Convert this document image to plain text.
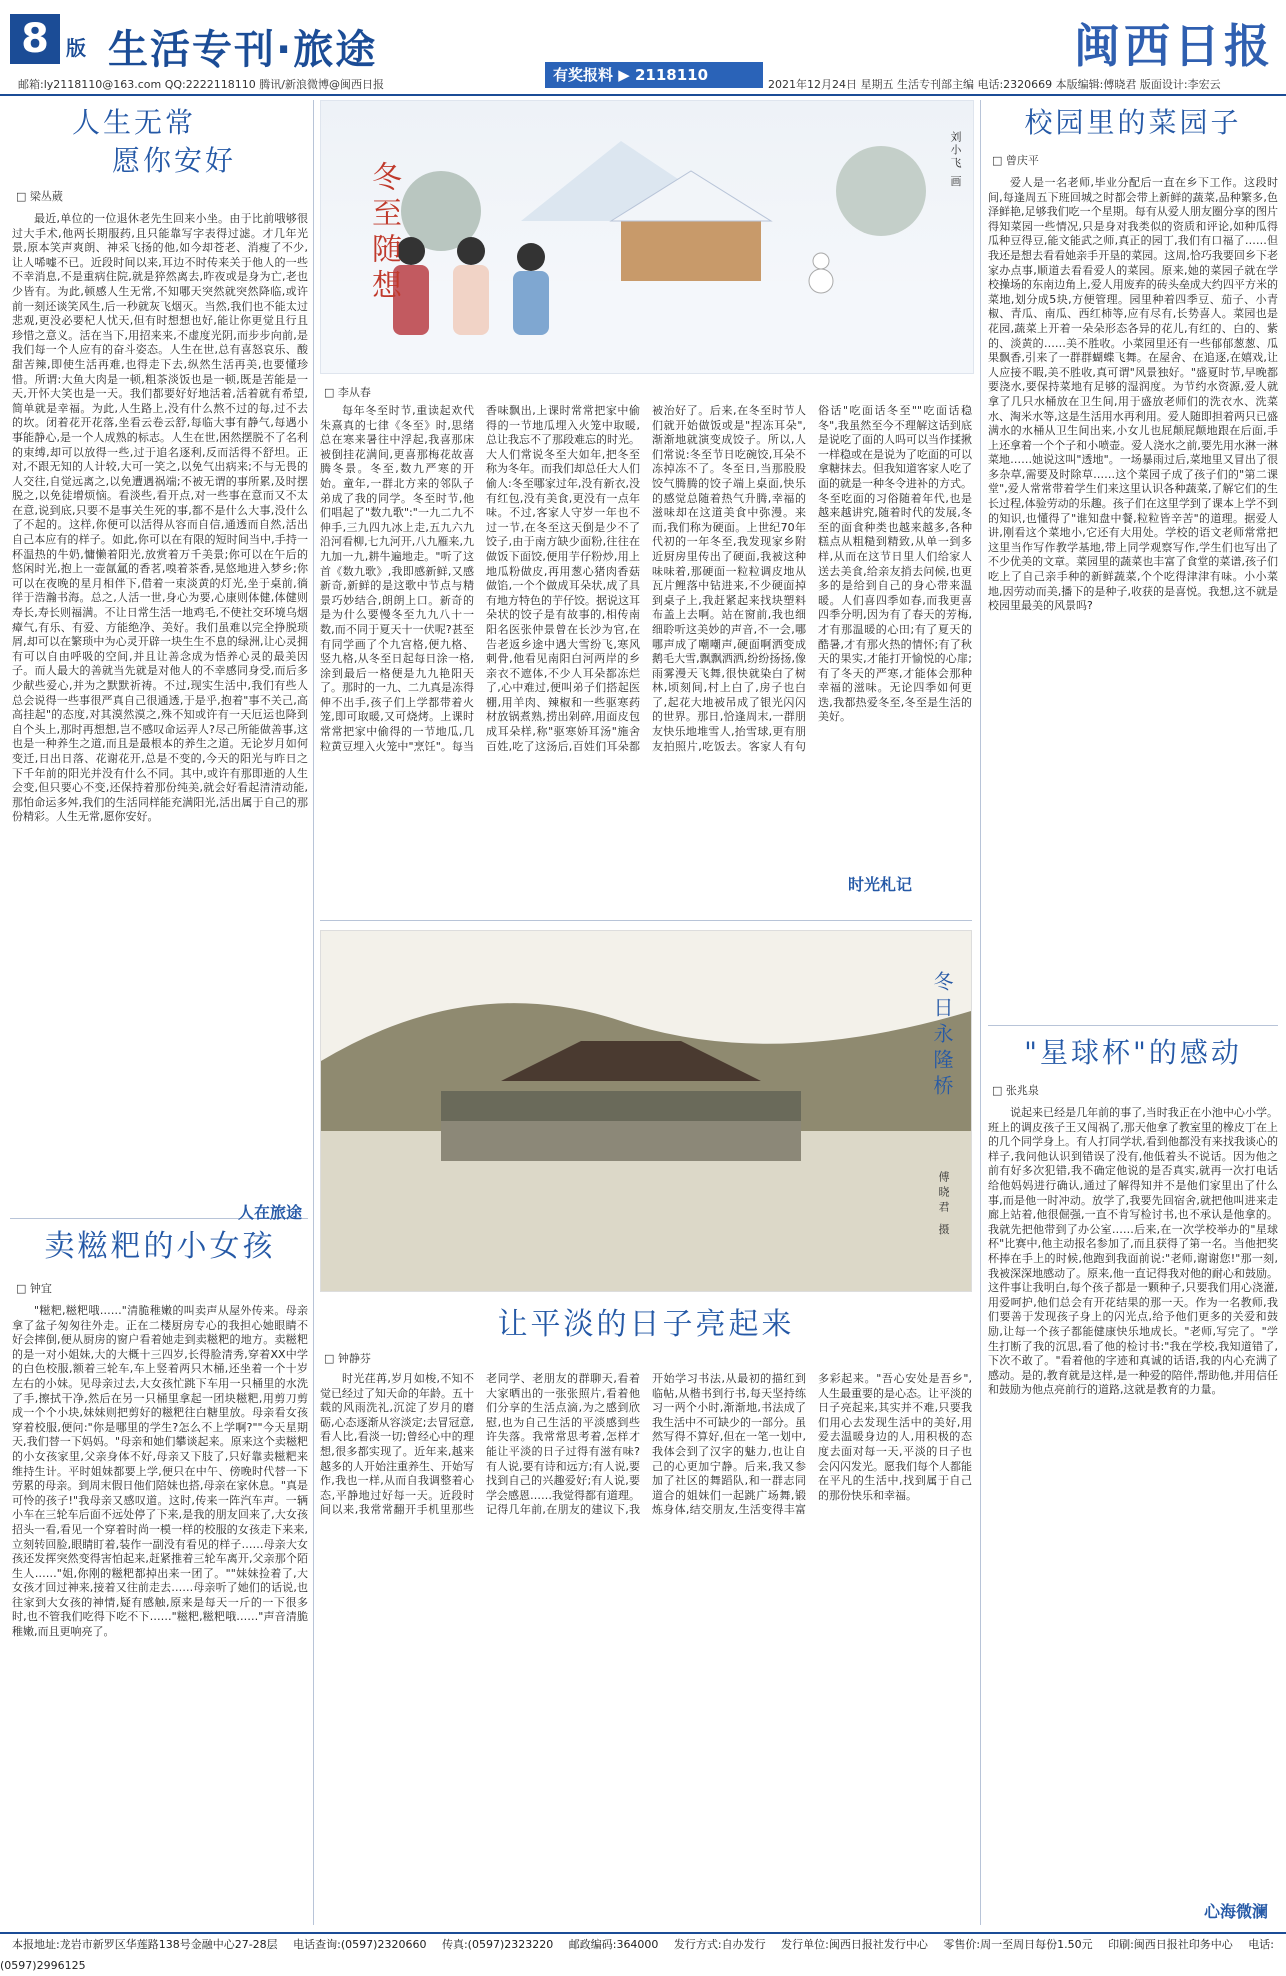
8 版 生活专刊·旅途	闽西日报
邮箱:ly2118110@163.com QQ:2222118110 腾讯/新浪微博@闽西日报	2021年12月24日 星期五 生活专刊部主编 电话:2320669 本版编辑:傅晓君 版面设计:李宏云
有奖报料 ▶ 2118110
人生无常
愿你安好
□ 梁丛葳

最近,单位的一位退休老先生回来小坐。由于比前哦够很过大手术,他两长期服药,且只能靠写字表得过滤。才几年光景,原本笑声爽朗、神采飞扬的他,如今却苍老、消瘦了不少,让人唏嘘不已。近段时间以来,耳边不时传来关于他人的一些不幸消息,不是重病住院,就是猝然离去,昨夜或是身为亡,老也少皆有。为此,顿感人生无常,不知哪天突然就突然降临,或许前一刻还谈笑风生,后一秒就灰飞烟灭。当然,我们也不能太过悲观,更没必要杞人忧天,但有时想想也好,能让你更觉且行且珍惜之意义。活在当下,用招来来,不虚度光阴,而步步向前,是我们每一个人应有的奋斗姿态。人生在世,总有喜怒哀乐、酸甜苦辣,即使生活再难,也得走下去,纵然生活再美,也要懂珍惜。所谓:大鱼大肉是一顿,粗茶淡饭也是一顿,既是苦能是一天,开怀大笑也是一天。我们都要好好地活着,活着就有希望,简单就是幸福。为此,人生路上,没有什么熬不过的每,过不去的坎。闭着花开花落,坐看云卷云舒,每临大事有静气,每遇小事能静心,是一个人成熟的标志。人生在世,困然摆脱不了名利的束缚,却可以放得一些,过于追名逐利,反而活得不舒坦。正对,不跟无知的人计较,大可一笑之,以免气出病来;不与无畏的人交往,自觉远离之,以免遭遇祸端;不被无谓的事所累,及时摆脱之,以免徒增烦恼。看淡些,看开点,对一些事在意而又不太在意,说到底,只要不是事关生死的事,都不是什么大事,没什么了不起的。这样,你便可以活得从容而自信,通透而自然,活出自己本应有的样子。如此,你可以在有限的短时间当中,手持一杯温热的牛奶,慵懒着阳光,放赏着万千美景;你可以在午后的悠闲时光,抱上一壶氤氲的香茗,嗅着茶香,晃悠地进入梦乡;你可以在夜晚的星月相伴下,借着一束淡黄的灯光,坐于桌前,徜徉于浩瀚书海。总之,人活一世,身心为要,心康则体健,体健则寿长,寿长则福满。不让日常生活一地鸡毛,不使社交环境乌烟瘴气,有乐、有爱、方能绝净、美好。我们虽难以完全挣脱琐屑,却可以在繁琐中为心灵开辟一块生生不息的绿洲,让心灵拥有可以自由呼吸的空间,并且让善念成为悟养心灵的最美因子。而人最大的善就当先就是对他人的不幸感同身受,而后多少献些爱心,并为之默默祈祷。不过,现实生活中,我们有些人总会说得一些事很严真自己很通透,于是乎,抱着"事不关己,高高挂起"的态度,对其漠然漠之,殊不知或许有一天厄运也降到自个头上,那时再想想,岂不感叹命运弄人?尽己所能做善事,这也是一种养生之道,而且是最根本的养生之道。无论岁月如何变迁,日出日落、花谢花开,总是不变的,今天的阳光与昨日之下千年前的阳光并没有什么不同。其中,或许有那即逝的人生会变,但只要心不变,还保持着那份纯美,就会好看起清清动能,那怕命运多舛,我们的生活同样能充满阳光,活出属于自己的那份精彩。人生无常,愿你安好。

人在旅途
卖糍粑的小女孩
□ 钟宜

"糍粑,糍粑哦……"清脆稚嫩的叫卖声从屋外传来。母亲拿了盆子匆匆往外走。正在二楼厨房专心的我担心她眼睛不好会摔倒,便从厨房的窗户看着她走到卖糍粑的地方。卖糍粑的是一对小姐妹,大的大概十三四岁,长得脸清秀,穿着XX中学的白色校服,额着三轮车,车上竖着两只木桶,还坐着一个十岁左右的小妹。见母亲过去,大女孩忙跳下车用一只桶里的水洗了手,擦拭干净,然后在另一只桶里拿起一团块糍粑,用剪刀剪成一个个小块,妹妹则把剪好的糍粑往白糖里放。母亲看女孩穿着校服,便问:"你是哪里的学生?怎么不上学啊?""今天星期天,我们替一下妈妈。"母亲和她们攀谈起来。原来这个卖糍粑的小女孩家里,父亲身体不好,母亲又下肢了,只好靠卖糍粑来维持生计。平时姐妹都要上学,便只在中午、傍晚时代替一下劳累的母亲。到周末假日他们陪妹也搭,母亲在家休息。"真是可怜的孩子!"我母亲又感叹道。这时,传来一阵汽车声。一辆小车在三轮车后面不远处停了下来,是我的朋友回来了,大女孩招头一看,看见一个穿着时尚一模一样的校服的女孩走下来来,立刻转回脸,眼睛盯着,装作一副没有看见的样子……母亲大女孩还发挥突然变得害怕起来,赶紧推着三轮车离开,父亲那个陌生人……"姐,你刚的糍粑都掉出来一团了。""妹妹捡着了,大女孩才回过神来,接着又往前走去……母亲听了她们的话说,也往家到大女孩的神情,疑有感触,原来是每天一斤的一下很多时,也不管我们吃得下吃不下……"糍粑,糍粑哦……"声音清脆稚嫩,而且更响亮了。

冬至随想
刘小飞 画
□ 李从春

每年冬至时节,重读起欢代朱熹真的七律《冬至》时,思绪总在寒来暑往中浮起,我喜那床被倒挂花满间,更喜那梅花故喜腾冬景。冬至,数九严寒的开始。童年,一群北方来的邻队子弟成了我的同学。冬至时节,他们唱起了"数九歌":"一九二九不伸手,三九四九冰上走,五九六九沿河看柳,七九河开,八九雁来,九九加一九,耕牛遍地走。"听了这首《数九歌》,我即感新鲜,又感新奇,新鲜的是这歌中节点与精景巧妙结合,朗朗上口。新奇的是为什么要慢冬至九九八十一数,而不同于夏天十一伏呢?甚至有同学画了个九宫格,便九格、竖九格,从冬至日起每日涂一格,涂到最后一格便是九九艳阳天了。那时的一九、二九真是冻得伸不出手,孩子们上学都带着火笼,即可取暖,又可烧烤。上课时常常把家中偷得的一节地瓜,几粒黄豆埋入火笼中"烹饪"。每当香味飘出,上课时常常把家中偷得的一节地瓜埋入火笼中取暖,总让我忘不了那段难忘的时光。大人们常说冬至大如年,把冬至称为冬年。而我们却总任大人们偷人:冬至哪家过年,没有新衣,没有红包,没有美食,更没有一点年味。不过,客家人守岁一年也不过一节,在冬至这天倒是少不了饺子,由于南方缺少面粉,往往在做饭下面饺,便用芋仔粉炒,用上地瓜粉做皮,再用葱心猪肉香菇做馅,一个个做成耳朵状,成了具有地方特色的芋仔饺。据说这耳朵状的饺子是有故事的,相传南阳名医张仲景曾在长沙为官,在告老返乡途中遇大雪纷飞,寒风刺骨,他看见南阳白河两岸的乡亲衣不遮体,不少人耳朵都冻烂了,心中难过,便叫弟子们搭起医棚,用羊肉、辣椒和一些驱寒药材放锅煮熟,捞出剁碎,用面皮包成耳朵样,称"驱寒娇耳汤"施舍百姓,吃了这汤后,百姓们耳朵都被治好了。后来,在冬至时节人们就开始做饭或是"捏冻耳朵",渐渐地就演变成饺子。所以,人们常说:冬至节日吃碗饺,耳朵不冻掉冻不了。冬至日,当那股股饺气腾腾的饺子端上桌面,快乐的感觉总随着热气升腾,幸福的滋味却在这道美食中弥漫。来而,我们称为硬面。上世纪70年代初的一年冬至,我发现家乡附近厨房里传出了硬面,我被这种味味着,那硬面一粒粒调皮地从瓦片鲤落中钻进来,不少硬面掉到桌子上,我赶紧起来找块塑料布盖上去啊。站在窗前,我也细细聆听这美妙的声音,不一会,哪哪声成了嘲嘲声,硬面啊洒变成鹅毛大雪,飘飘洒洒,纷纷扬扬,像雨雾漫天飞舞,很快就染白了树林,顷刻间,村上白了,房子也白了,起花大地被吊成了银光闪闪的世界。那日,恰逢周末,一群朋友快乐地堆雪人,抬雪球,更有朋友拍照片,吃饭去。客家人有句俗话"吃面话冬至""吃面话稳冬",我虽然至今不理解这话到底是说吃了面的人吗可以当作揉揪一样稳或在是说为了吃面的可以拿糖抹去。但我知道客家人吃了面的就是一种冬令进补的方式。冬至吃面的习俗随着年代,也是越来越讲究,随着时代的发展,冬至的面食种类也越来越多,各种糕点从粗糙到精致,从单一到多样,从而在这节日里人们给家人送去美食,给亲友捎去问候,也更多的是给到自己的身心带来温暖。人们喜四季如春,而我更喜四季分明,因为有了春天的芳梅,才有那温暖的心田;有了夏天的酷暑,才有那火热的情怀;有了秋天的果实,才能打开愉悦的心扉;有了冬天的严寒,才能体会那种幸福的滋味。无论四季如何更迭,我都热爱冬至,冬至是生活的美好。

时光札记
冬日永隆桥
傅晓君 摄
让平淡的日子亮起来
□ 钟静芬

时光荏苒,岁月如梭,不知不觉已经过了知天命的年龄。五十载的风雨洗礼,沉淀了岁月的磨砺,心态逐渐从容淡定;去冒冠意,看人比,看淡一切;曾经心中的理想,很多都实现了。近年来,越来越多的人开始注重养生、开始写作,我也一样,从而自我调整着心态,平静地过好每一天。近段时间以来,我常常翻开手机里那些老同学、老朋友的群聊天,看着大家晒出的一张张照片,看着他们分享的生活点滴,为之感到欣慰,也为自己生活的平淡感到些许失落。我常常思考着,怎样才能让平淡的日子过得有滋有味?有人说,要有诗和远方;有人说,要找到自己的兴趣爱好;有人说,要学会感恩……我觉得都有道理。记得几年前,在朋友的建议下,我开始学习书法,从最初的描红到临帖,从楷书到行书,每天坚持练习一两个小时,渐渐地,书法成了我生活中不可缺少的一部分。虽然写得不算好,但在一笔一划中,我体会到了汉字的魅力,也让自己的心更加宁静。后来,我又参加了社区的舞蹈队,和一群志同道合的姐妹们一起跳广场舞,锻炼身体,结交朋友,生活变得丰富多彩起来。"吾心安处是吾乡",人生最重要的是心态。让平淡的日子亮起来,其实并不难,只要我们用心去发现生活中的美好,用爱去温暖身边的人,用积极的态度去面对每一天,平淡的日子也会闪闪发光。愿我们每个人都能在平凡的生活中,找到属于自己的那份快乐和幸福。

校园里的菜园子
□ 曾庆平

爱人是一名老师,毕业分配后一直在乡下工作。这段时间,每逢周五下班回城之时都会带上新鲜的蔬菜,品种繁多,色泽鲜艳,足够我们吃一个星期。每有从爱人朋友圈分享的图片得知菜园一些情况,只是身对我类似的资质和评论,如种瓜得瓜种豆得豆,能文能武之师,真正的园丁,我们有口福了……但我还是想去看看她亲手开垦的菜园。这周,恰巧我要回乡下老家办点事,顺道去看看爱人的菜园。原来,她的菜园子就在学校操场的东南边角上,爱人用废弃的砖头垒成大约四平方米的菜地,划分成5块,方便管理。园里种着四季豆、茄子、小青椒、青瓜、南瓜、西红柿等,应有尽有,长势喜人。菜园也是花园,蔬菜上开着一朵朵形态各异的花儿,有红的、白的、紫的、淡黄的……美不胜收。小菜园里还有一些郁郁葱葱、瓜果飘香,引来了一群群蝴蝶飞舞。在屋舍、在追逐,在嬉戏,让人应接不暇,美不胜收,真可谓"风景独好。"盛夏时节,早晚都要浇水,要保持菜地有足够的湿润度。为节约水资源,爱人就拿了几只水桶放在卫生间,用于盛放老师们的洗衣水、洗菜水、淘米水等,这是生活用水再利用。爱人随即担着两只已盛满水的水桶从卫生间出来,小女儿也屁颠屁颠地跟在后面,手上还拿着一个个子和小喷壶。爱人浇水之前,要先用水淋一淋菜地……她说这叫"透地"。一场暴雨过后,菜地里又冒出了很多杂草,需要及时除草……这个菜园子成了孩子们的"第二课堂",爱人常常带着学生们来这里认识各种蔬菜,了解它们的生长过程,体验劳动的乐趣。孩子们在这里学到了课本上学不到的知识,也懂得了"谁知盘中餐,粒粒皆辛苦"的道理。据爱人讲,刚看这个菜地小,它还有大用处。学校的语文老师常常把这里当作写作教学基地,带上同学观察写作,学生们也写出了不少优美的文章。菜园里的蔬菜也丰富了食堂的菜谱,孩子们吃上了自己亲手种的新鲜蔬菜,个个吃得津津有味。小小菜地,因劳动而美,播下的是种子,收获的是喜悦。我想,这不就是校园里最美的风景吗?

"星球杯"的感动
□ 张兆泉

说起来已经是几年前的事了,当时我正在小池中心小学。班上的调皮孩子王又闯祸了,那天他拿了教室里的橡皮丁在上的几个同学身上。有人打同学状,看到他都没有来找我谈心的样子,我问他认识到错误了没有,他低着头不说话。因为他之前有好多次犯错,我不确定他说的是否真实,就再一次打电话给他妈妈进行确认,通过了解得知并不是他们家里出了什么事,而是他一时冲动。放学了,我要先回宿舍,就把他叫进来走廊上站着,他很倔强,一直不肯写检讨书,也不承认是他拿的。我就先把他带到了办公室……后来,在一次学校举办的"星球杯"比赛中,他主动报名参加了,而且获得了第一名。当他把奖杯捧在手上的时候,他跑到我面前说:"老师,谢谢您!"那一刻,我被深深地感动了。原来,他一直记得我对他的耐心和鼓励。这件事让我明白,每个孩子都是一颗种子,只要我们用心浇灌,用爱呵护,他们总会有开花结果的那一天。作为一名教师,我们要善于发现孩子身上的闪光点,给予他们更多的关爱和鼓励,让每一个孩子都能健康快乐地成长。"老师,写完了。"学生打断了我的沉思,看了他的检讨书:"我在学校,我知道错了,下次不敢了。"看着他的字迹和真诚的话语,我的内心充满了感动。是的,教育就是这样,是一种爱的陪伴,帮助他,并用信任和鼓励为他点亮前行的道路,这就是教育的力量。

心海微澜
本报地址:龙岩市新罗区华莲路138号金融中心27-28层 电话查询:(0597)2320660 传真:(0597)2323220 邮政编码:364000 发行方式:自办发行 发行单位:闽西日报社发行中心 零售价:周一至周日每份1.50元 印刷:闽西日报社印务中心 电话:(0597)2996125
